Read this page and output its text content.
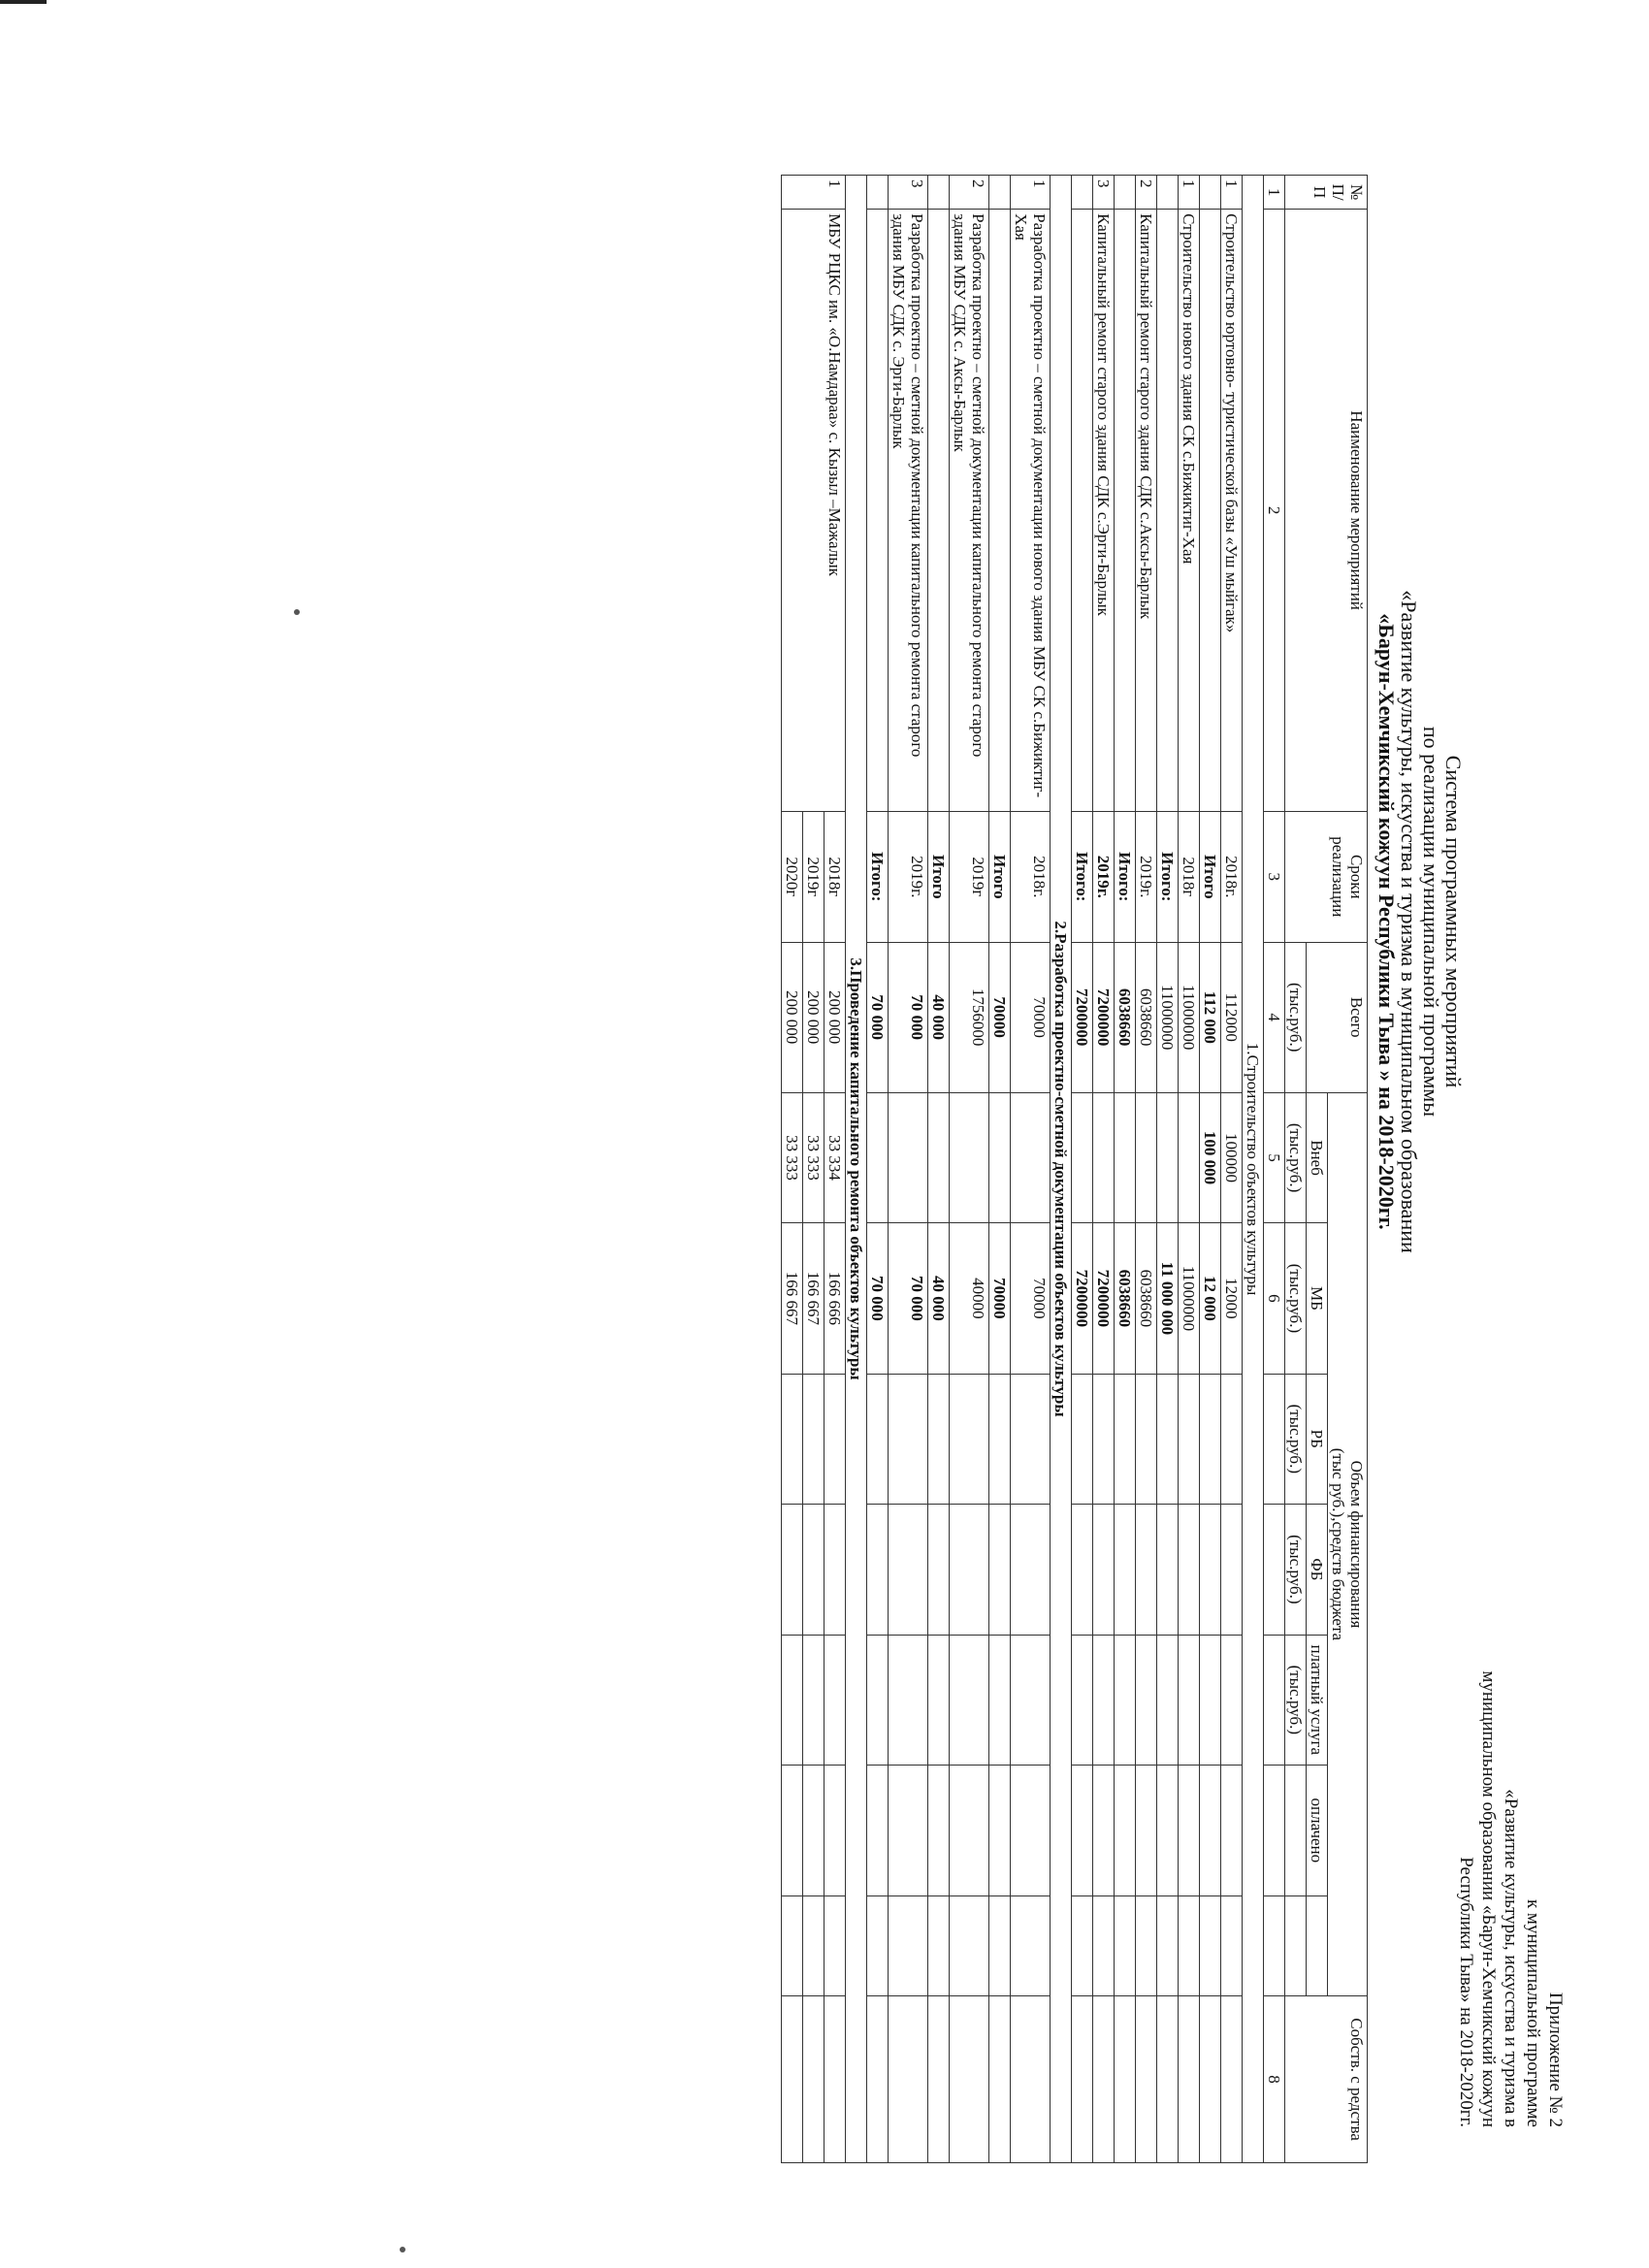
Приложение № 2
к муниципальной программе
«Развитие культуры, искусства и туризма в
муниципальном образовании «Барун-Хемчикский кожуун
Республики Тыва» на 2018-2020гг.
Система программных мероприятий
по реализации муниципальной программы
«Развитие культуры, искусства и туризма в муниципальном образовании
«Барун-Хемчикский кожуун Республики Тыва » на 2018-2020гг.
№ П/П	Наименование мероприятий	Сроки реализации	Всего	Объем финансирования
(тыс руб.),средств бюджета							Собств. с редства
				Внеб	МБ	РБ	ФБ	платный услуга	оплачено		
			(тыс.руб.)	(тыс.руб.)	(тыс.руб.)	(тыс.руб.)	(тыс.руб.)	(тыс.руб.)			
1	2	3	4	5	6						8
1.Строительство объектов культуры											
1	Строительство юртовно- туристической базы «Уш мыйгак»	2018г.	112000	100000	12000						
		Итого	112 000	100 000	12 000						
1	Строительство нового здания СК с.Бижиктиг-Хая	2018г	11000000		11000000						
		Итого:	11000000		11 000 000						
2	Капитальный ремонт старого здания СДК с.Аксы-Барлык	2019г.	6038660		6038660						
		Итого:	6038660		6038660						
3	Капитальный ремонт старого здания СДК с.Эрги-Барлык	2019г.	7200000		7200000						
		Итого:	7200000		7200000						
2.Разработка проектно-сметной документации объектов культуры											
1	Разработка проектно – сметной документации нового здания МБУ СК с.Бижиктиг-Хая	2018г.	70000		70000						
		Итого	70000		70000						
2	Разработка проектно – сметной документации капитального ремонта старого здания МБУ СДК с. Аксы-Барлык	2019г	1756000		40000						
		Итого	40 000		40 000						
3	Разработка проектно – сметной документации капитального ремонта старого здания МБУ СДК с. Эрги-Барлык	2019г.	70 000		70 000						
		Итого:	70 000		70 000						
3.Проведение капитального ремонта объектов культуры											
1	МБУ РЦКС им. «О.Намдараа» с. Кызыл –Мажалык	2018г	200 000	33 334	166 666						
		2019г	200 000	33 333	166 667						
		2020г	200 000	33 333	166 667						
